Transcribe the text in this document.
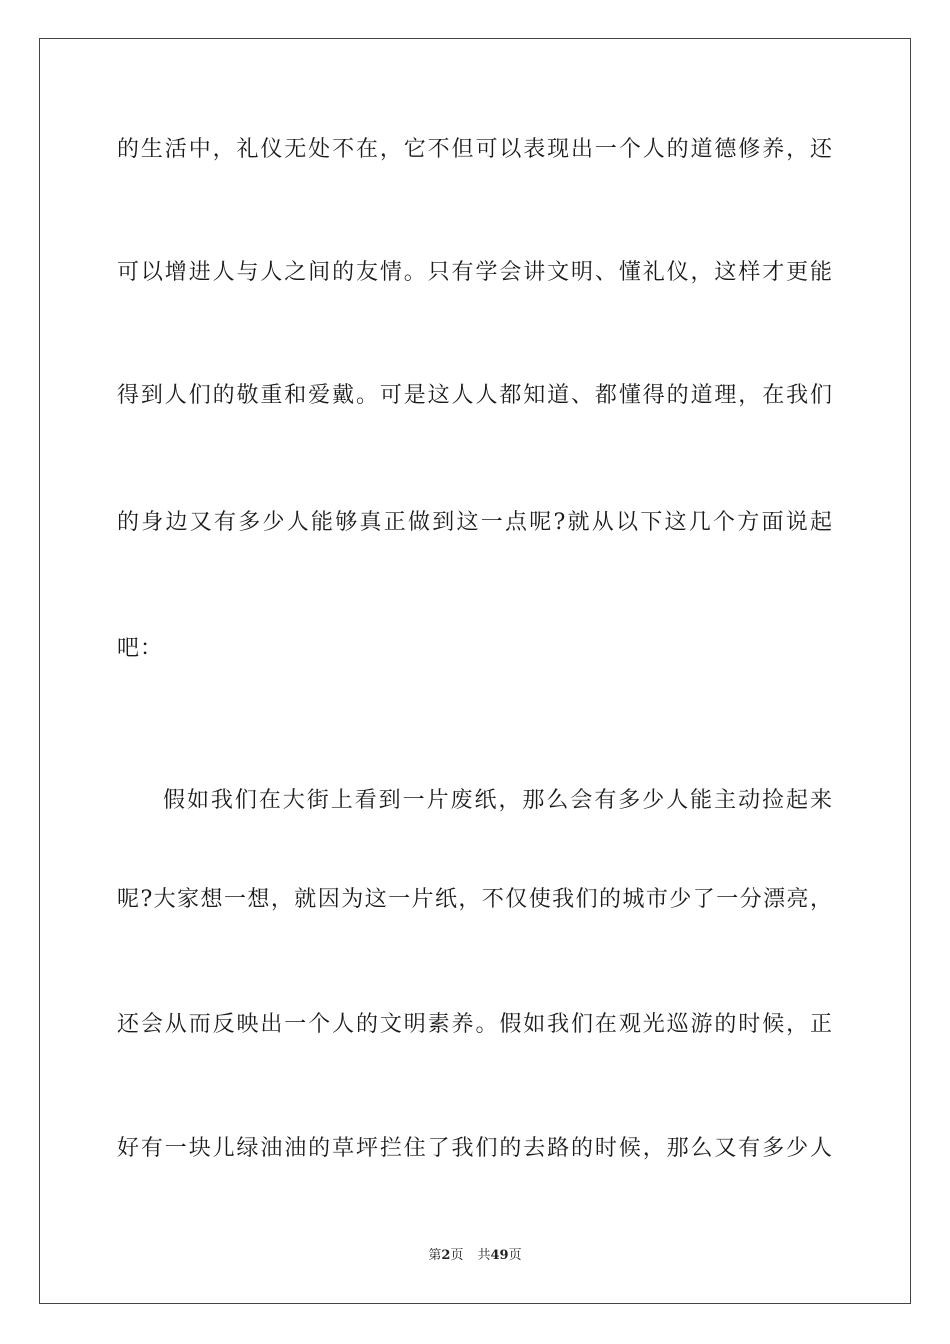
的生活中，礼仪无处不在，它不但可以表现出一个人的道德修养，还
可以增进人与人之间的友情。只有学会讲文明、懂礼仪，这样才更能
得到人们的敬重和爱戴。可是这人人都知道、都懂得的道理，在我们
的身边又有多少人能够真正做到这一点呢?就从以下这几个方面说起
吧：
假如我们在大街上看到一片废纸，那么会有多少人能主动捡起来
呢?大家想一想，就因为这一片纸，不仅使我们的城市少了一分漂亮，
还会从而反映出一个人的文明素养。假如我们在观光巡游的时候，正
好有一块儿绿油油的草坪拦住了我们的去路的时候，那么又有多少人
第2页 共49页
